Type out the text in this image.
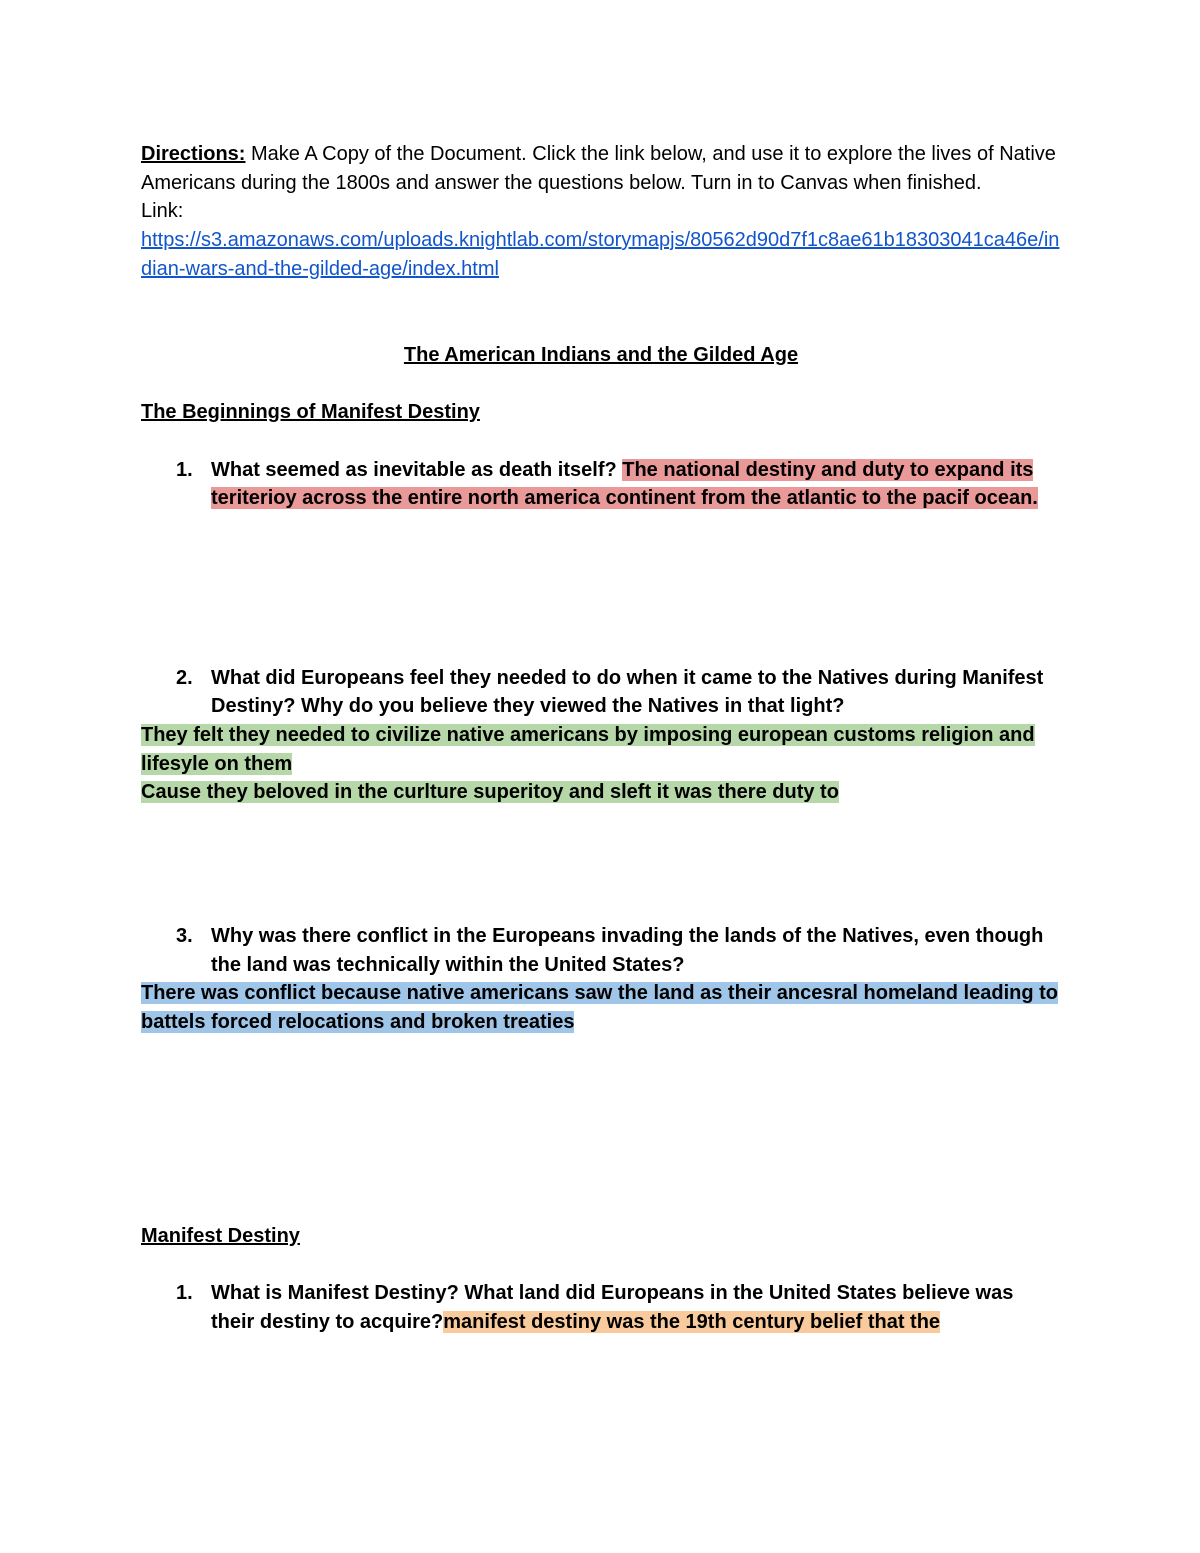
Directions: Make A Copy of the Document. Click the link below, and use it to explore the lives of Native Americans during the 1800s and answer the questions below. Turn in to Canvas when finished.
Link:
https://s3.amazonaws.com/uploads.knightlab.com/storymapjs/80562d90d7f1c8ae61b18303041ca46e/indian-wars-and-the-gilded-age/index.html
The American Indians and the Gilded Age
The Beginnings of Manifest Destiny
1. What seemed as inevitable as death itself? The national destiny and duty to expand its teriterioy across the entire north america continent from the atlantic to the pacif ocean.
2. What did Europeans feel they needed to do when it came to the Natives during Manifest Destiny? Why do you believe they viewed the Natives in that light?
They felt they needed to civilize native americans by imposing european customs religion and lifesyle on them
Cause they beloved in the curlture superitoy and sleft it was there duty to
3. Why was there conflict in the Europeans invading the lands of the Natives, even though the land was technically within the United States?
There was conflict because native americans saw the land as their ancesral homeland leading to battels forced relocations and broken treaties
Manifest Destiny
1. What is Manifest Destiny? What land did Europeans in the United States believe was their destiny to acquire?manifest destiny was the 19th century belief that the
